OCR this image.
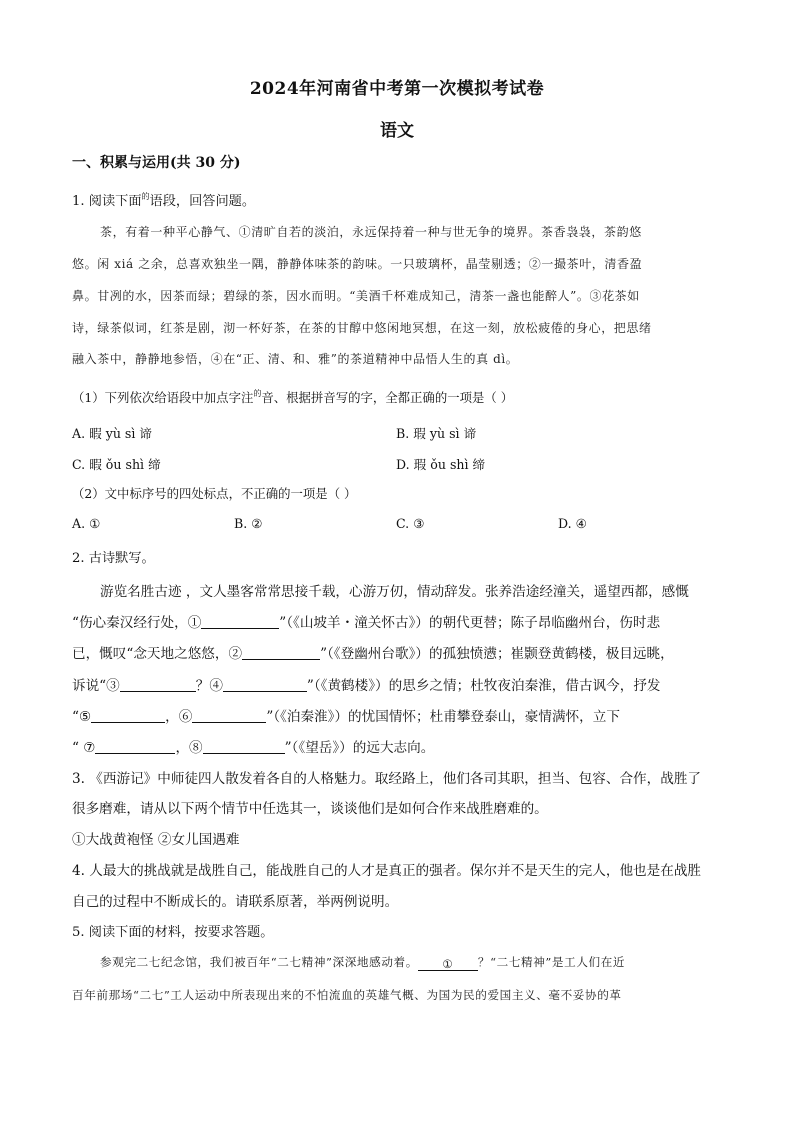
2024年河南省中考第一次模拟考试卷
语文
一、积累与运用(共 30 分)
1. 阅读下面$^的$语段，回答问题。
茶，有着一种平心静气、①清旷自若的淡泊，永远保持着一种与世无争的境界。茶香袅袅，茶韵悠
悠。闲 xiá 之余，总喜欢独坐一隅，静静体味茶的韵味。一只玻璃杯，晶莹剔透；②一撮茶叶，清香盈
鼻。甘冽的水，因茶而绿；碧绿的茶，因水而明。“美酒千杯难成知己，清茶一盏也能醉人”。③花茶如
诗，绿茶似词，红茶是剧，沏一杯好茶，在茶的甘醇中悠闲地冥想，在这一刻，放松疲倦的身心，把思绪
融入茶中，静静地参悟，④在“正、清、和、雅”的茶道精神中品悟人生的真 dì。
（1）下列依次给语段中加点字注$^的$音、根据拼音写的字，全都正确的一项是（ ）
A. 暇 yù sì 谛	B. 瑕 yù sì 谛
C. 暇 ǒu shì 缔	D. 瑕 ǒu shì 缔
（2）文中标序号的四处标点，不正确的一项是（ ）
A. ①	B. ②	C. ③	D. ④
2. 古诗默写。
游览名胜古迹 ，文人墨客常常思接千载，心游万仞，情动辞发。张养浩途经潼关，遥望西都，感慨
“伤心秦汉经行处，①	”（《山坡羊・潼关怀古》）的朝代更替；陈子昂临幽州台，伤时悲
已，慨叹“念天地之悠悠，②	”（《登幽州台歌》）的孤独愤懑；崔颢登黄鹤楼，极目远眺，
诉说“③	？④	”（《黄鹤楼》）的思乡之情；杜牧夜泊秦淮，借古讽今，抒发
“⑤	，⑥	”（《泊秦淮》）的忧国情怀；杜甫攀登泰山，豪情满怀，立下
“ ⑦	，⑧	”（《望岳》）的远大志向。
3. 《西游记》中师徒四人散发着各自的人格魅力。取经路上，他们各司其职，担当、包容、合作，战胜了
很多磨难，请从以下两个情节中任选其一，谈谈他们是如何合作来战胜磨难的。
①大战黄袍怪 ②女儿国遇难
4. 人最大的挑战就是战胜自己，能战胜自己的人才是真正的强者。保尔并不是天生的完人，他也是在战胜
自己的过程中不断成长的。请联系原著，举两例说明。
5. 阅读下面的材料，按要求答题。
参观完二七纪念馆，我们被百年“二七精神”深深地感动着。 ① ？“二七精神”是工人们在近
百年前那场“二七”工人运动中所表现出来的不怕流血的英雄气概、为国为民的爱国主义、毫不妥协的革
